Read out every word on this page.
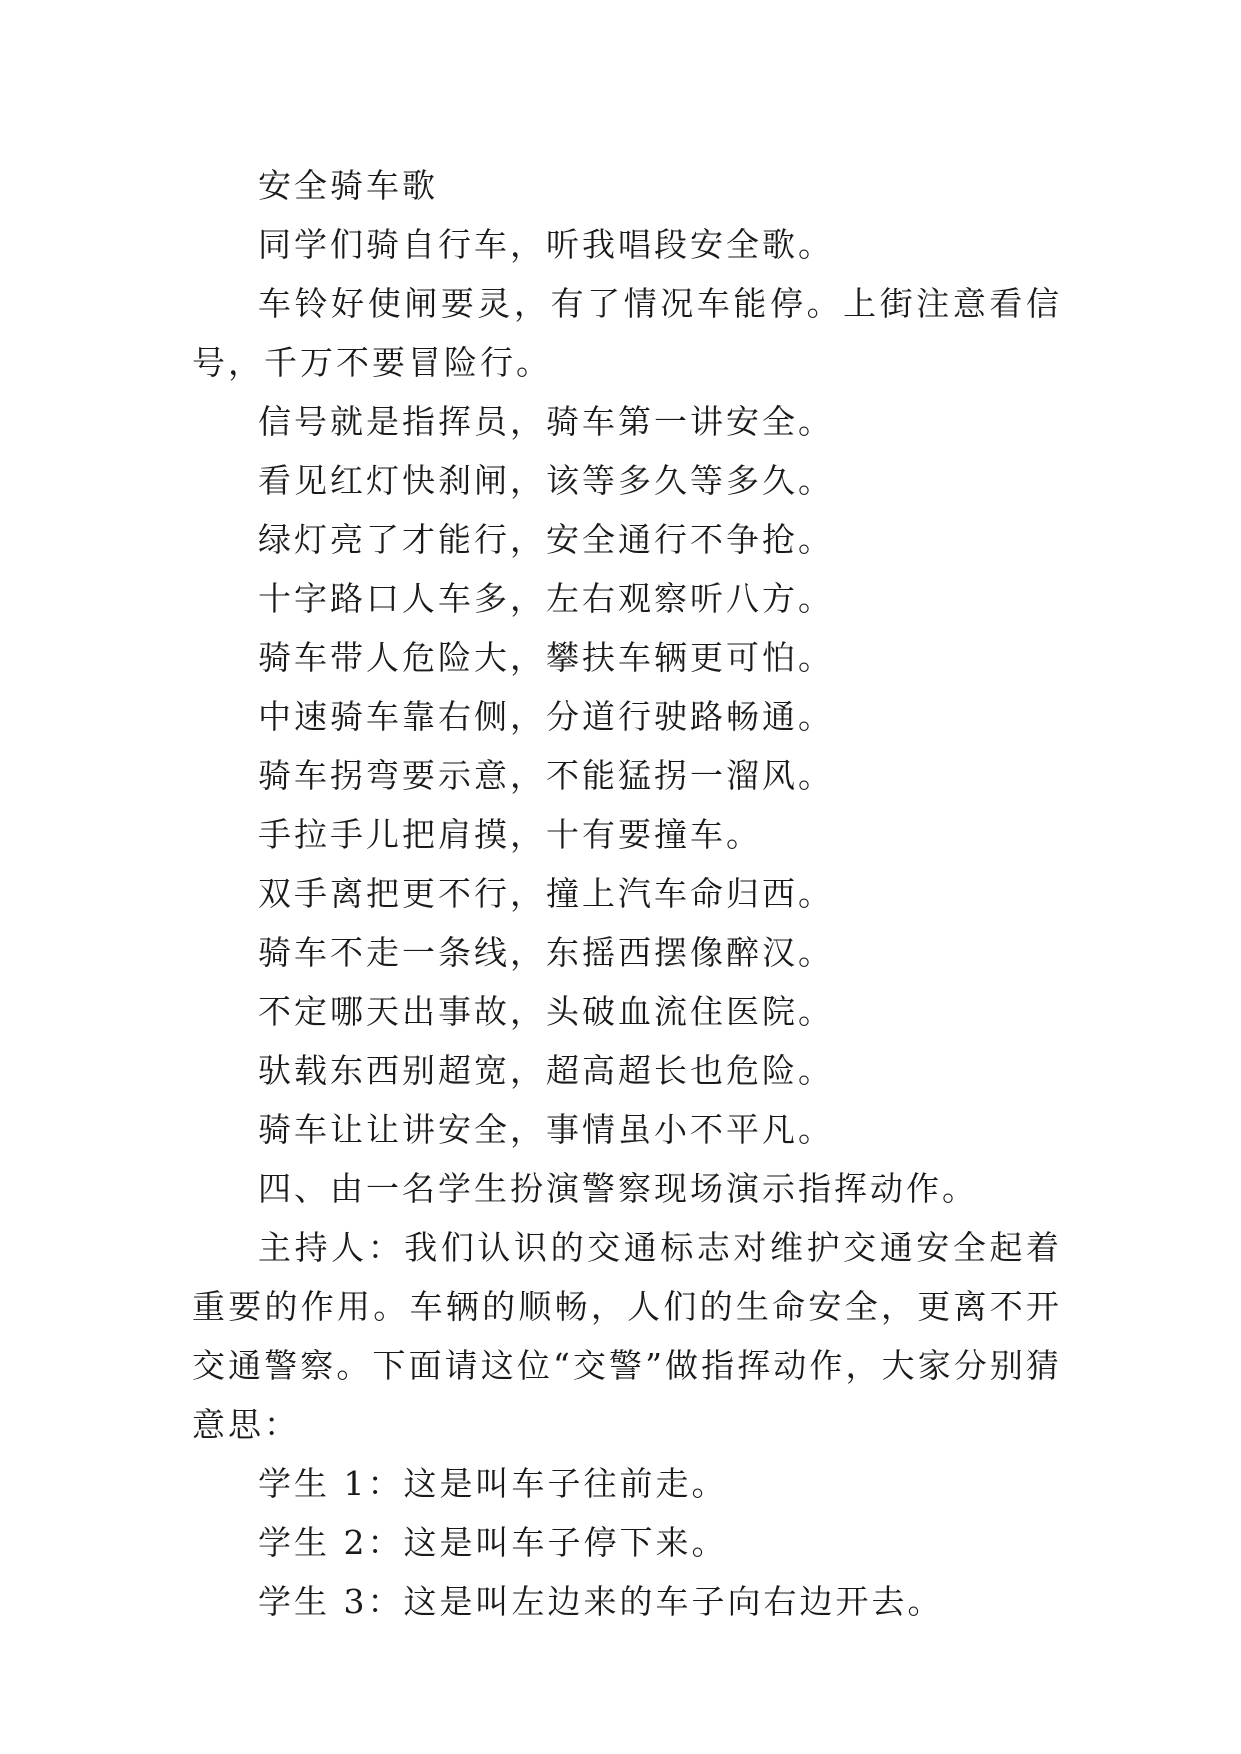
安全骑车歌

同学们骑自行车，听我唱段安全歌。

车铃好使闸要灵，有了情况车能停。上街注意看信号，千万不要冒险行。

信号就是指挥员，骑车第一讲安全。

看见红灯快刹闸，该等多久等多久。

绿灯亮了才能行，安全通行不争抢。

十字路口人车多，左右观察听八方。

骑车带人危险大，攀扶车辆更可怕。

中速骑车靠右侧，分道行驶路畅通。

骑车拐弯要示意，不能猛拐一溜风。

手拉手儿把肩摸，十有要撞车。

双手离把更不行，撞上汽车命归西。

骑车不走一条线，东摇西摆像醉汉。

不定哪天出事故，头破血流住医院。

驮载东西别超宽，超高超长也危险。

骑车让让讲安全，事情虽小不平凡。

四、由一名学生扮演警察现场演示指挥动作。

主持人：我们认识的交通标志对维护交通安全起着重要的作用。车辆的顺畅，人们的生命安全，更离不开交通警察。下面请这位“交警”做指挥动作，大家分别猜意思：

学生 1：这是叫车子往前走。

学生 2：这是叫车子停下来。

学生 3：这是叫左边来的车子向右边开去。
